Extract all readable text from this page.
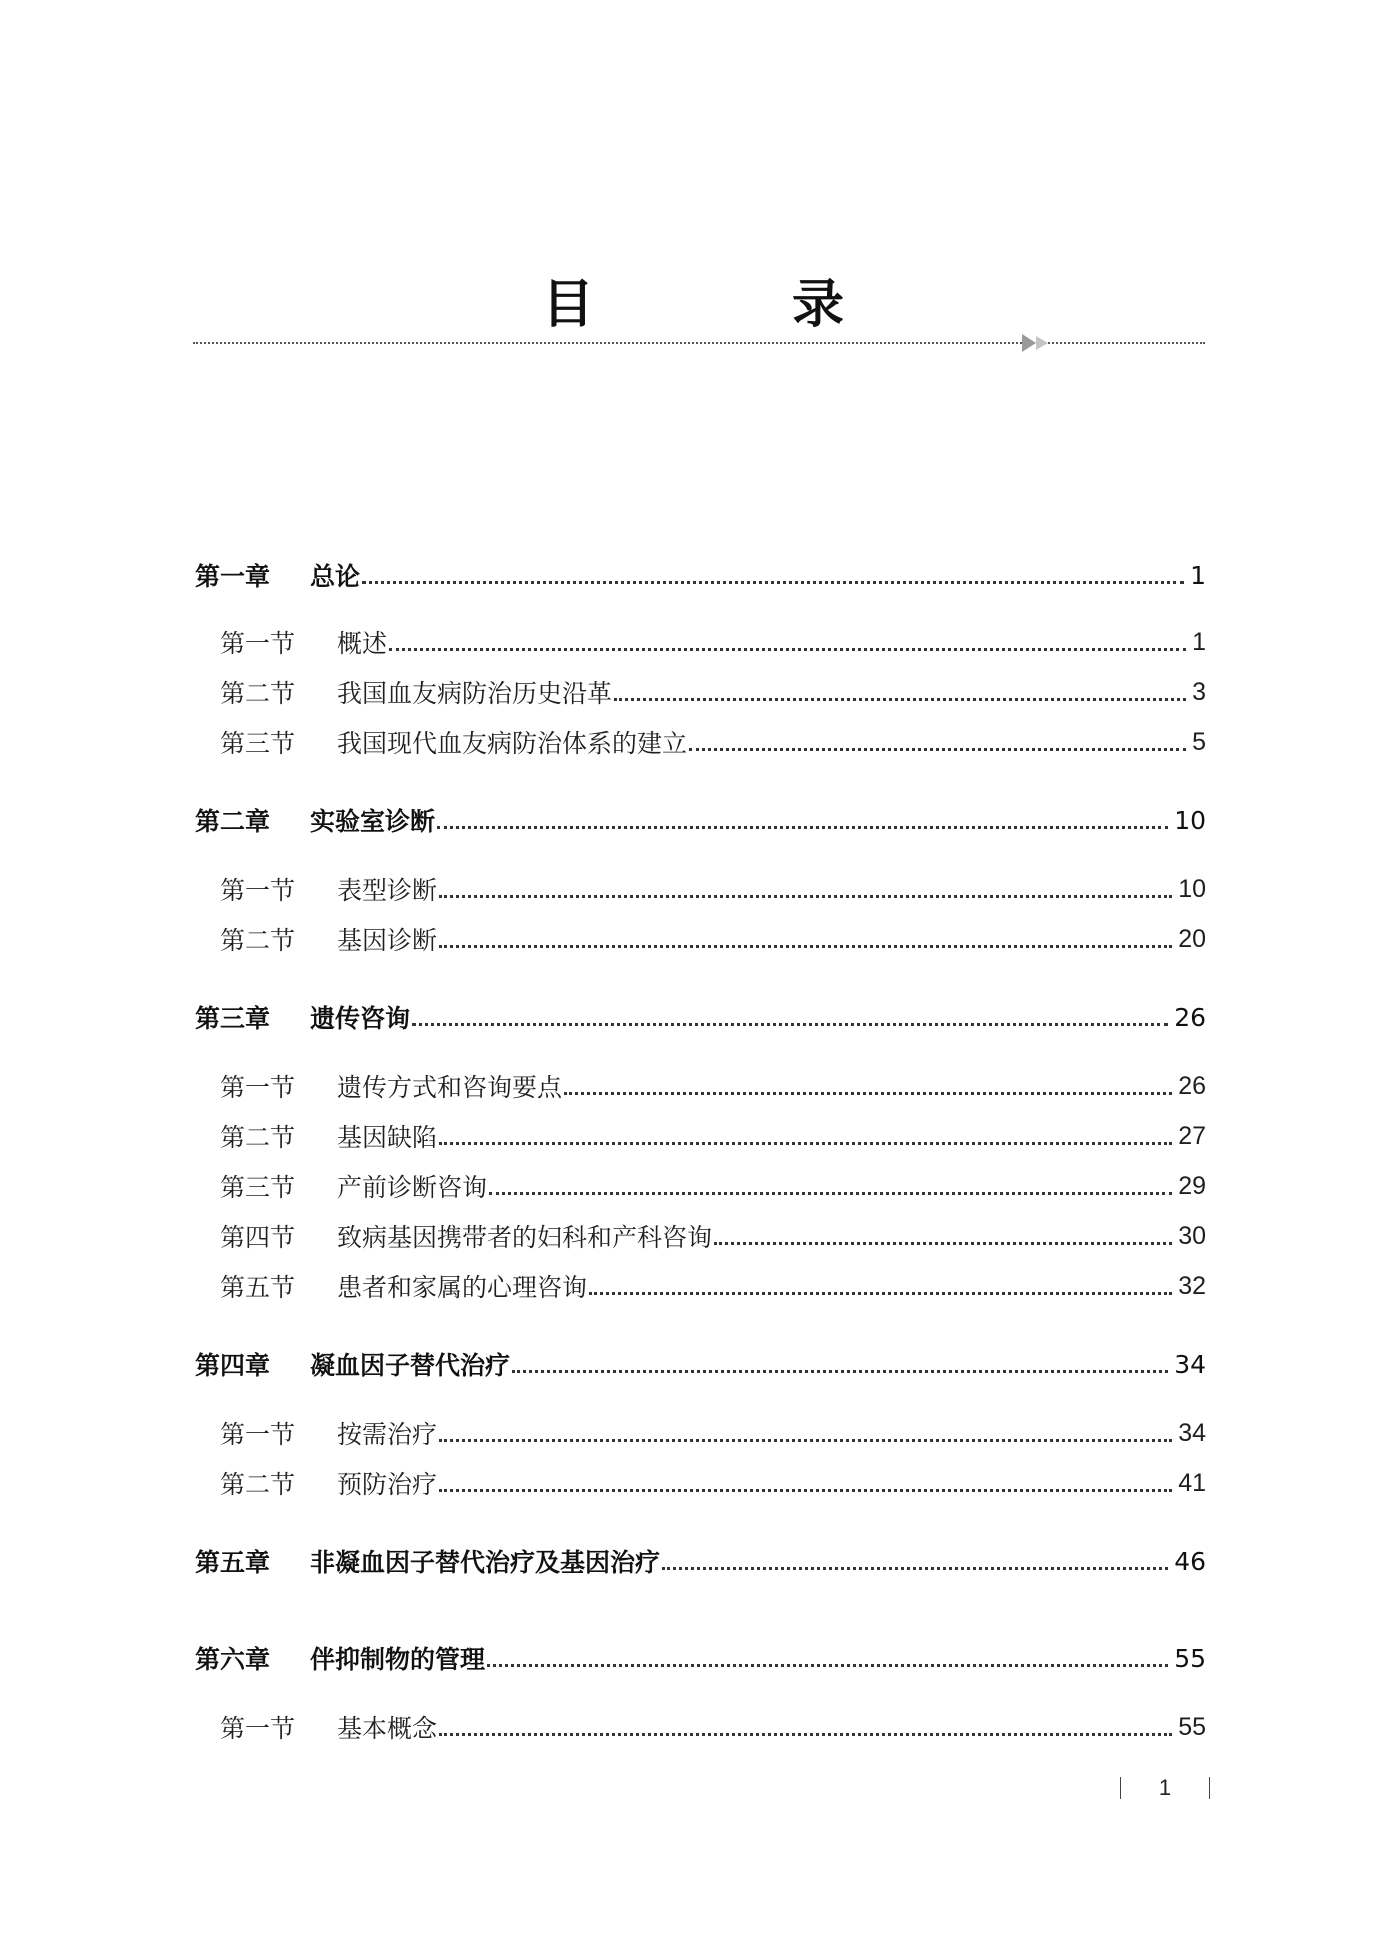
目 录
第一章	总论	1
第一节	概述	1
第二节	我国血友病防治历史沿革	3
第三节	我国现代血友病防治体系的建立	5
第二章	实验室诊断	10
第一节	表型诊断	10
第二节	基因诊断	20
第三章	遗传咨询	26
第一节	遗传方式和咨询要点	26
第二节	基因缺陷	27
第三节	产前诊断咨询	29
第四节	致病基因携带者的妇科和产科咨询	30
第五节	患者和家属的心理咨询	32
第四章	凝血因子替代治疗	34
第一节	按需治疗	34
第二节	预防治疗	41
第五章	非凝血因子替代治疗及基因治疗	46
第六章	伴抑制物的管理	55
第一节	基本概念	55
1
